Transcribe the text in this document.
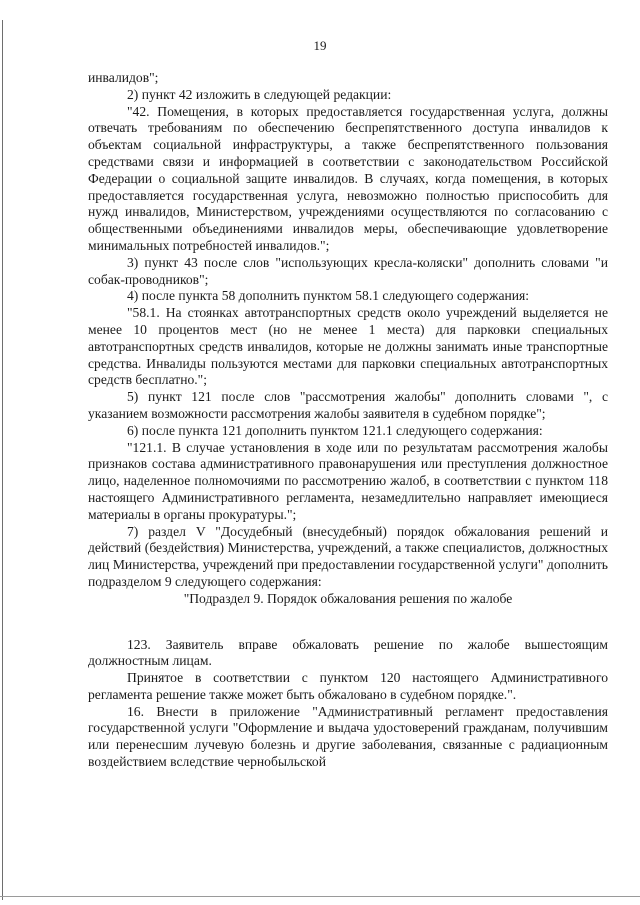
19

инвалидов";

2) пункт 42 изложить в следующей редакции:

"42. Помещения, в которых предоставляется государственная услуга, должны отвечать требованиям по обеспечению беспрепятственного доступа инвалидов к объектам социальной инфраструктуры, а также беспрепятственного пользования средствами связи и информацией в соответствии с законодательством Российской Федерации о социальной защите инвалидов. В случаях, когда помещения, в которых предоставляется государственная услуга, невозможно полностью приспособить для нужд инвалидов, Министерством, учреждениями осуществляются по согласованию с общественными объединениями инвалидов меры, обеспечивающие удовлетворение минимальных потребностей инвалидов.";

3) пункт 43 после слов "использующих кресла-коляски" дополнить словами "и собак-проводников";

4) после пункта 58 дополнить пунктом 58.1 следующего содержания:

"58.1. На стоянках автотранспортных средств около учреждений выделяется не менее 10 процентов мест (но не менее 1 места) для парковки специальных автотранспортных средств инвалидов, которые не должны занимать иные транспортные средства. Инвалиды пользуются местами для парковки специальных автотранспортных средств бесплатно.";

5) пункт 121 после слов "рассмотрения жалобы" дополнить словами ", с указанием возможности рассмотрения жалобы заявителя в судебном порядке";

6) после пункта 121 дополнить пунктом 121.1 следующего содержания:

"121.1. В случае установления в ходе или по результатам рассмотрения жалобы признаков состава административного правонарушения или преступления должностное лицо, наделенное полномочиями по рассмотрению жалоб, в соответствии с пунктом 118 настоящего Административного регламента, незамедлительно направляет имеющиеся материалы в органы прокуратуры.";

7) раздел V "Досудебный (внесудебный) порядок обжалования решений и действий (бездействия) Министерства, учреждений, а также специалистов, должностных лиц Министерства, учреждений при предоставлении государственной услуги" дополнить подразделом 9 следующего содержания:

"Подраздел 9. Порядок обжалования решения по жалобе

123. Заявитель вправе обжаловать решение по жалобе вышестоящим должностным лицам.

Принятое в соответствии с пунктом 120 настоящего Административного регламента решение также может быть обжаловано в судебном порядке.".

16. Внести в приложение "Административный регламент предоставления государственной услуги "Оформление и выдача удостоверений гражданам, получившим или перенесшим лучевую болезнь и другие заболевания, связанные с радиационным воздействием вследствие чернобыльской
